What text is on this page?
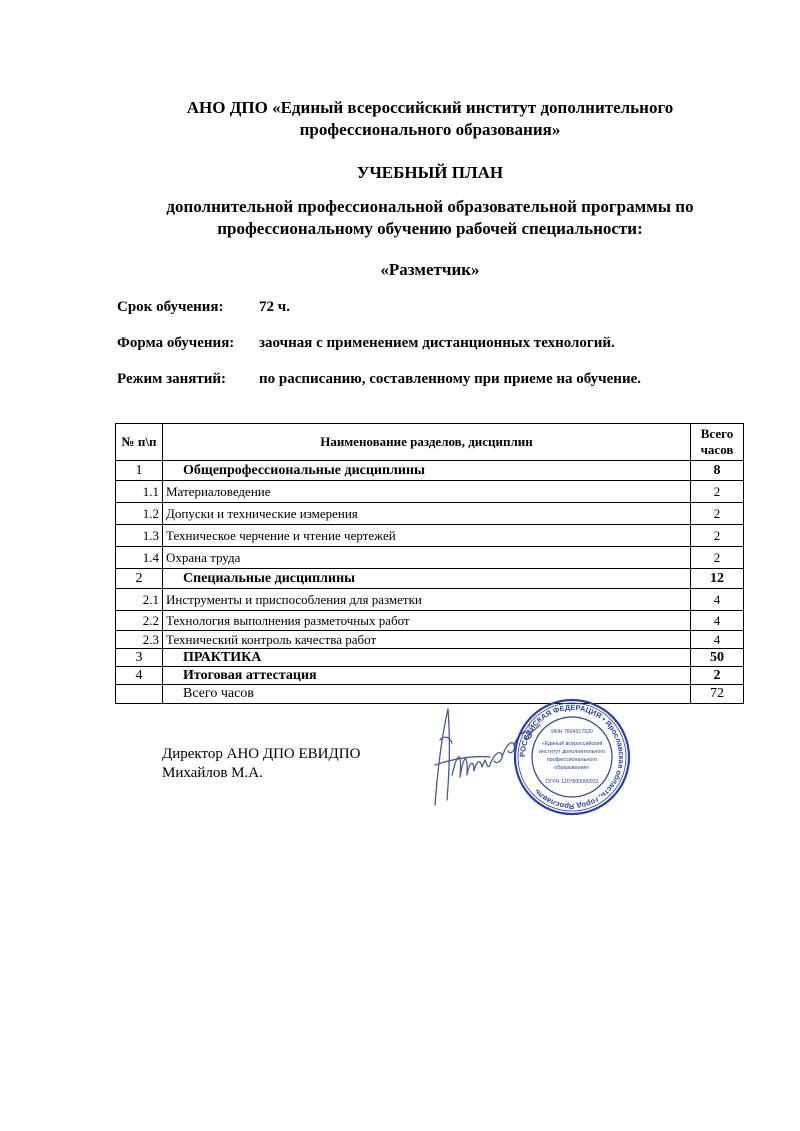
АНО ДПО «Единый всероссийский институт дополнительного
профессионального образования»
УЧЕБНЫЙ ПЛАН
дополнительной профессиональной образовательной программы по
профессиональному обучению рабочей специальности:
«Разметчик»
Срок обучения: 72 ч.
Форма обучения: заочная с применением дистанционных технологий.
Режим занятий: по расписанию, составленному при приеме на обучение.
№ п\п	Наименование разделов, дисциплин	Всего часов
1	Общепрофессиональные дисциплины	8
1.1	Материаловедение	2
1.2	Допуски и технические измерения	2
1.3	Техническое черчение и чтение чертежей	2
1.4	Охрана труда	2
2	Специальные дисциплины	12
2.1	Инструменты и приспособления для разметки	4
2.2	Технология выполнения разметочных работ	4
2.3	Технический контроль качества работ	4
3	ПРАКТИКА	50
4	Итоговая аттестация	2
	Всего часов	72
Директор АНО ДПО ЕВИДПО
Михайлов М.А.
РОССИЙСКАЯ ФЕДЕРАЦИЯ • Ярославская область, город Ярославль
ИНН 7604317920
«Единый всероссийский
институт дополнительного
профессионального
образования»
ОГРН 1207600000932
